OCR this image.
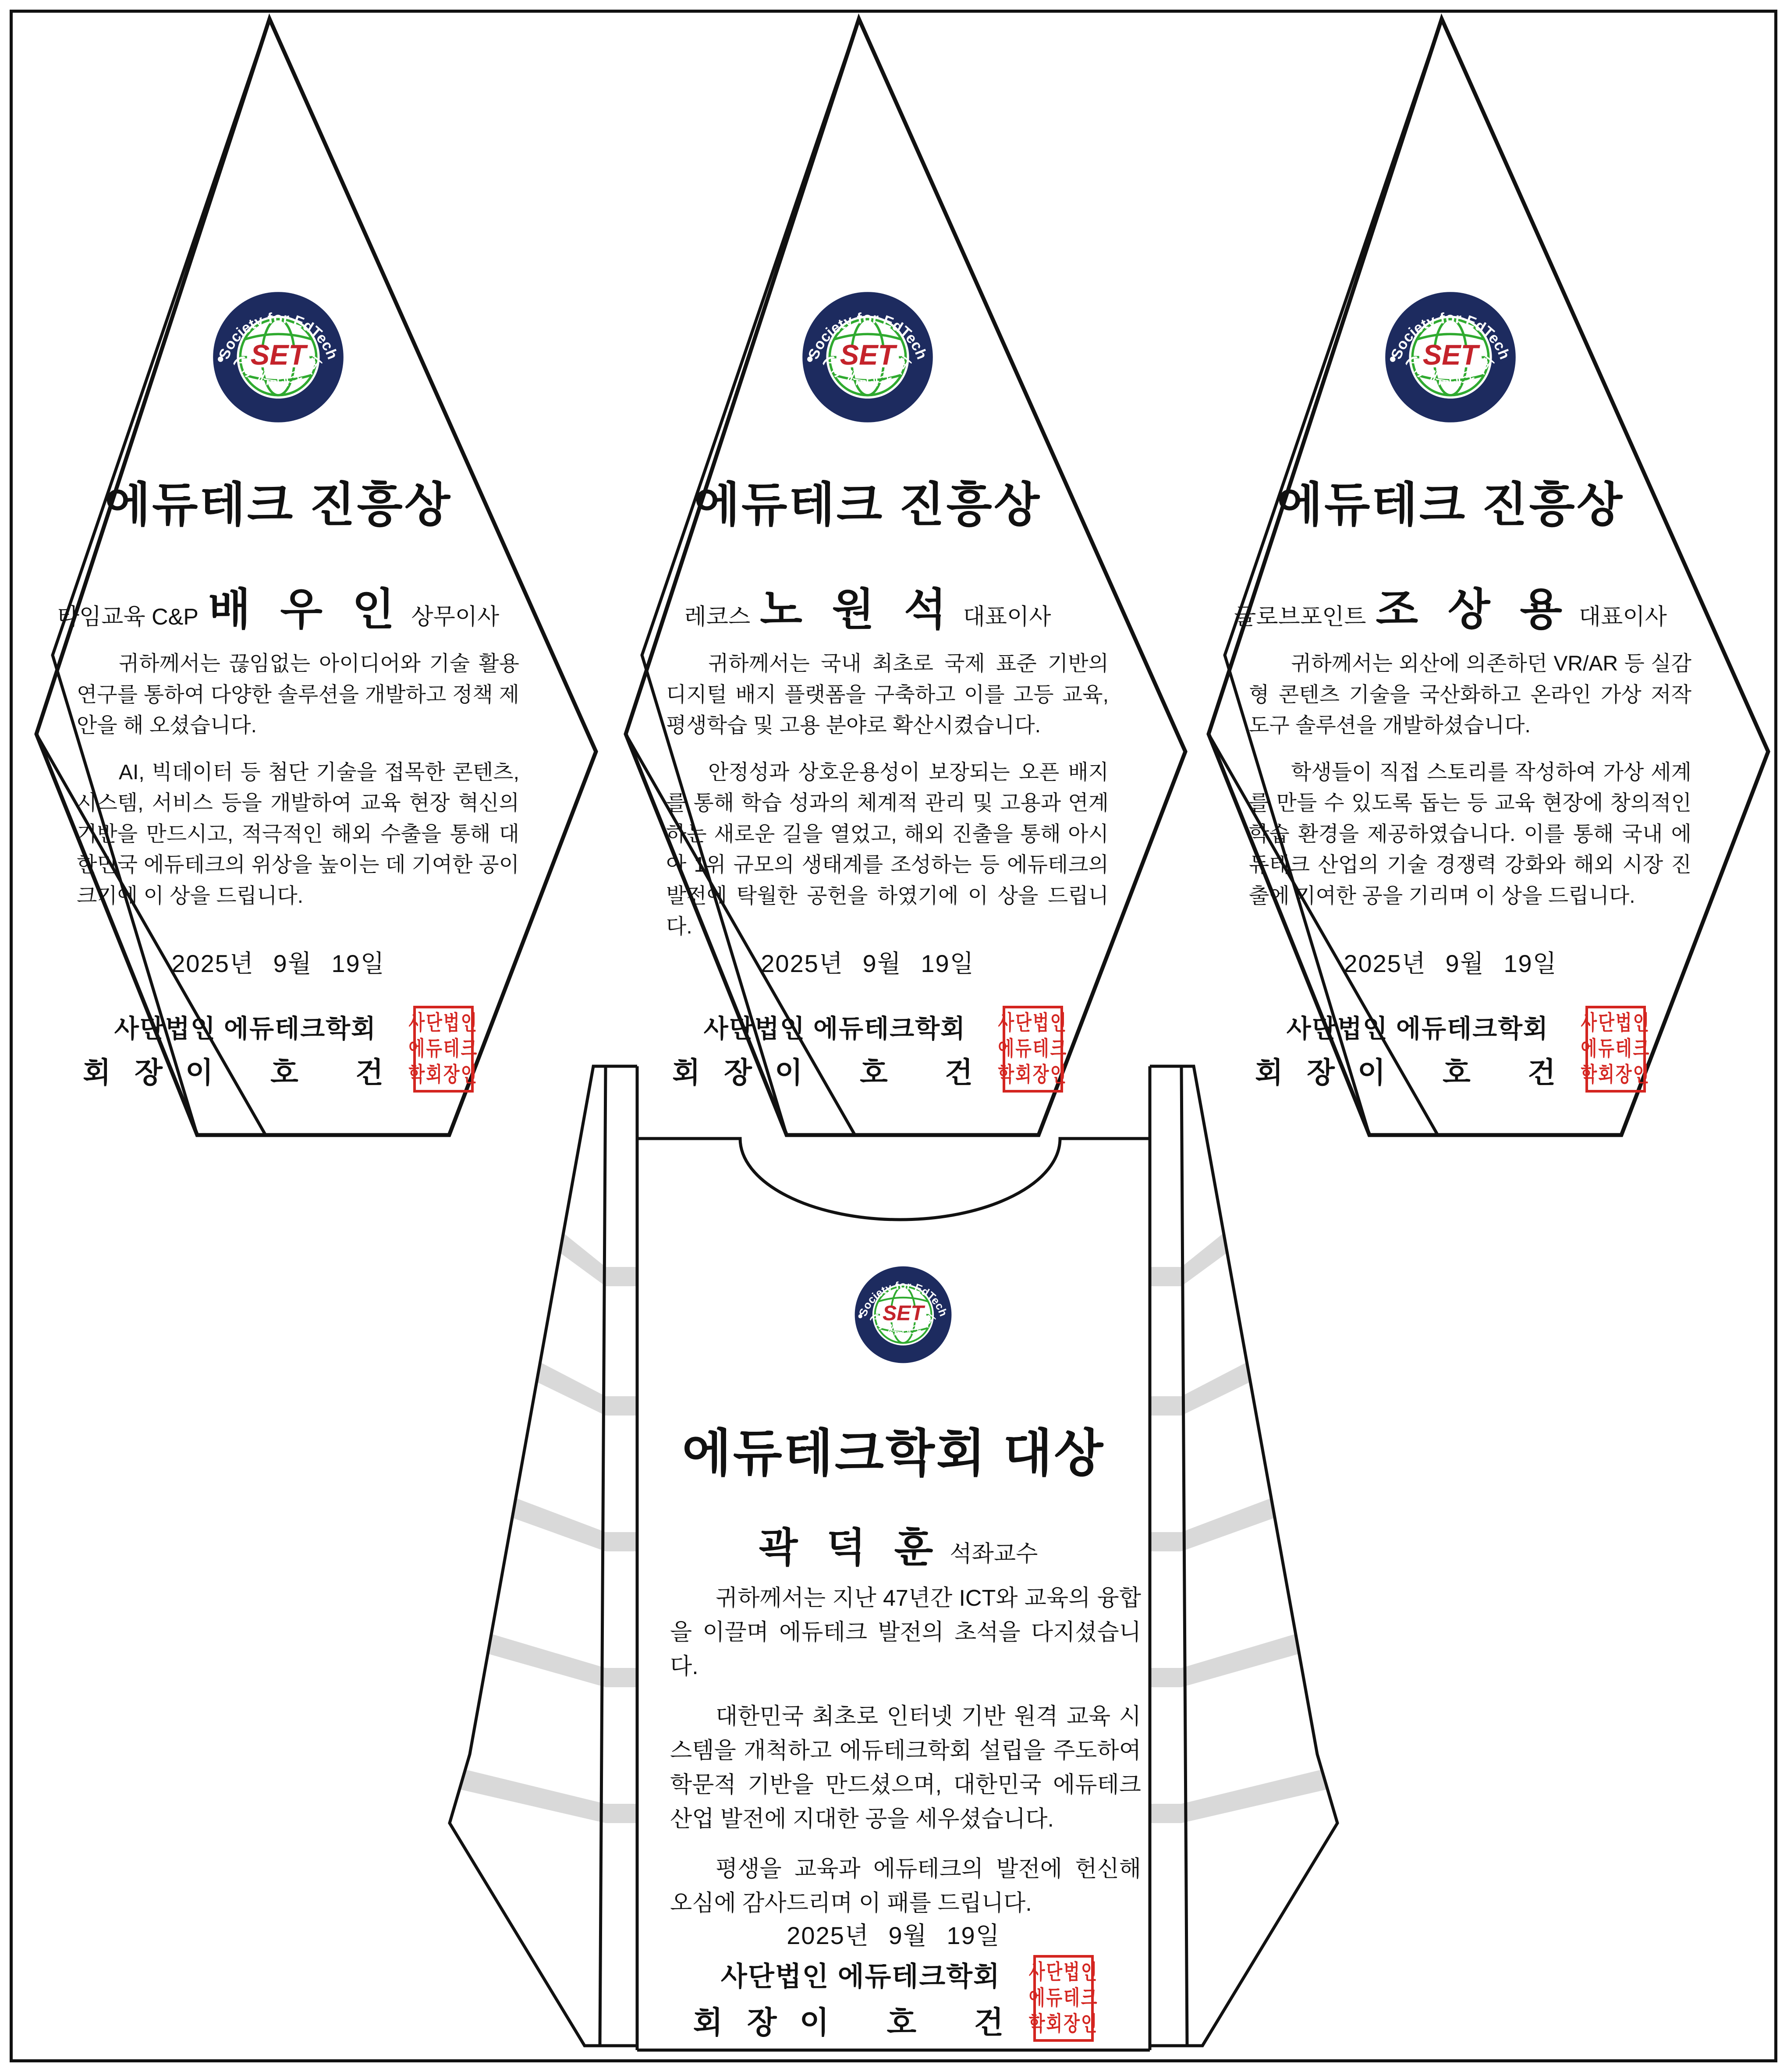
에듀테크 진흥상
타임교육 C&P 배 우 인 상무이사

귀하께서는 끊임없는 아이디어와 기술 활용 연구를 통하여 다양한 솔루션을 개발하고 정책 제안을 해 오셨습니다.

AI, 빅데이터 등 첨단 기술을 접목한 콘텐츠, 시스템, 서비스 등을 개발하여 교육 현장 혁신의 기반을 만드시고, 적극적인 해외 수출을 통해 대한민국 에듀테크의 위상을 높이는 데 기여한 공이 크기에 이 상을 드립니다.

2025년 9월 19일
사단법인 에듀테크학회
회 장 이 호 건
사단법인
에듀테크
학회장인
에듀테크 진흥상
레코스 노 원 석 대표이사

귀하께서는 국내 최초로 국제 표준 기반의 디지털 배지 플랫폼을 구축하고 이를 고등 교육, 평생학습 및 고용 분야로 확산시켰습니다.

안정성과 상호운용성이 보장되는 오픈 배지를 통해 학습 성과의 체계적 관리 및 고용과 연계하는 새로운 길을 열었고, 해외 진출을 통해 아시아 1위 규모의 생태계를 조성하는 등 에듀테크의 발전에 탁월한 공헌을 하였기에 이 상을 드립니다.

2025년 9월 19일
사단법인 에듀테크학회
회 장 이 호 건
사단법인
에듀테크
학회장인
에듀테크 진흥상
글로브포인트 조 상 용 대표이사

귀하께서는 외산에 의존하던 VR/AR 등 실감형 콘텐츠 기술을 국산화하고 온라인 가상 저작 도구 솔루션을 개발하셨습니다.

학생들이 직접 스토리를 작성하여 가상 세계를 만들 수 있도록 돕는 등 교육 현장에 창의적인 학습 환경을 제공하였습니다. 이를 통해 국내 에듀테크 산업의 기술 경쟁력 강화와 해외 시장 진출에 기여한 공을 기리며 이 상을 드립니다.

2025년 9월 19일
사단법인 에듀테크학회
회 장 이 호 건
사단법인
에듀테크
학회장인
에듀테크학회 대상
곽 덕 훈 석좌교수

귀하께서는 지난 47년간 ICT와 교육의 융합을 이끌며 에듀테크 발전의 초석을 다지셨습니다.

대한민국 최초로 인터넷 기반 원격 교육 시스템을 개척하고 에듀테크학회 설립을 주도하여 학문적 기반을 만드셨으며, 대한민국 에듀테크 산업 발전에 지대한 공을 세우셨습니다.

평생을 교육과 에듀테크의 발전에 헌신해 오심에 감사드리며 이 패를 드립니다.

2025년 9월 19일
사단법인 에듀테크학회
회 장 이 호 건
사단법인
에듀테크
학회장인
